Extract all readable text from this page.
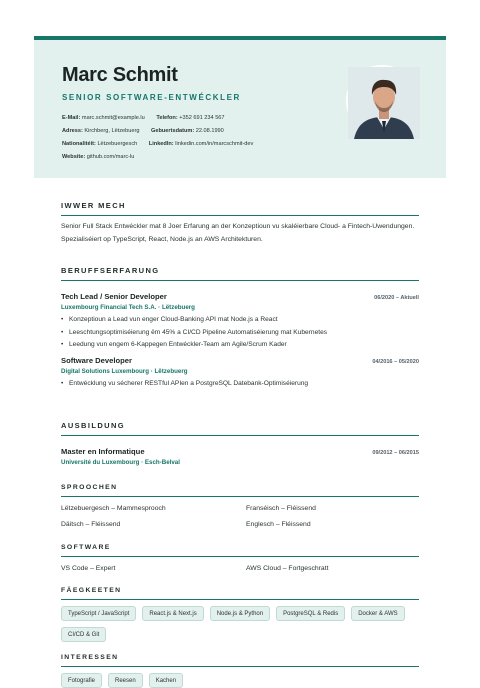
Marc Schmit
SENIOR SOFTWARE-ENTWÉCKLER
E-Mail: marc.schmit@example.lu Telefon: +352 691 234 567
Adress: Kirchberg, Lëtzebuerg Gebuertsdatum: 22.08.1990
Nationalitéit: Lëtzebuergesch LinkedIn: linkedin.com/in/marcschmit-dev
Website: github.com/marc-lu
IWWER MECH
Senior Full Stack Entwéckler mat 8 Joer Erfarung an der Konzeptioun vu skaléierbare Cloud- a Fintech-Uwendungen. Spezialiséiert op TypeScript, React, Node.js an AWS Architekturen.
BERUFFSERFARUNG
Tech Lead / Senior Developer	06/2020 – Aktuell
Luxembourg Financial Tech S.A. · Lëtzebuerg
• Konzeptioun a Lead vun enger Cloud-Banking API mat Node.js a React
• Leeschtungsoptimiséierung ëm 45% a CI/CD Pipeline Automatiséierung mat Kubernetes
• Leedung vun engem 6-Kappegen Entwéckler-Team am Agile/Scrum Kader
Software Developer	04/2016 – 05/2020
Digital Solutions Luxembourg · Lëtzebuerg
• Entwécklung vu sécherer RESTful APIen a PostgreSQL Datebank-Optimiséierung
AUSBILDUNG
Master en Informatique	09/2012 – 06/2015
Université du Luxembourg · Esch-Belval
SPROOCHEN
Lëtzebuergesch – Mammesprooch	Franséisch – Fléissend
Däitsch – Fléissend	Englesch – Fléissend
SOFTWARE
VS Code – Expert	AWS Cloud – Fortgeschratt
FÄEGKEETEN
TypeScript / JavaScript	React.js & Next.js	Node.js & Python	PostgreSQL & Redis	Docker & AWS
CI/CD & Git
INTERESSEN
Fotografie	Reesen	Kachen
